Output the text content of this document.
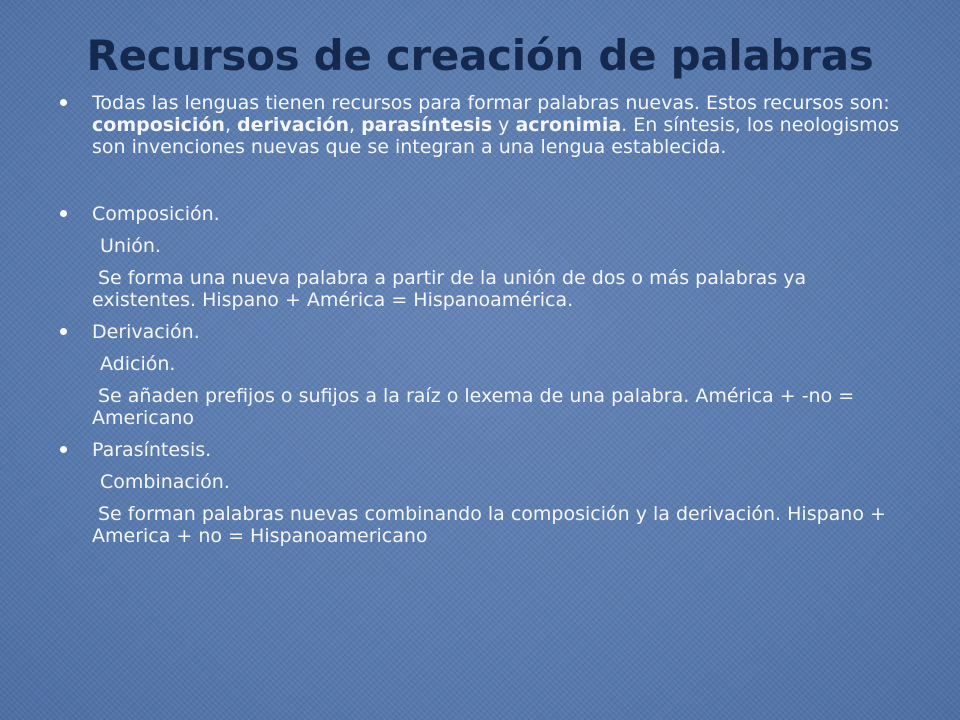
Recursos de creación de palabras
Todas las lenguas tienen recursos para formar palabras nuevas. Estos recursos son: composición, derivación, parasíntesis y acronimia. En síntesis, los neologismos son invenciones nuevas que se integran a una lengua establecida.
Composición.
Unión.
Se forma una nueva palabra a partir de la unión de dos o más palabras ya existentes. Hispano + América = Hispanoamérica.
Derivación.
Adición.
Se añaden prefijos o sufijos a la raíz o lexema de una palabra. América + -no = Americano
Parasíntesis.
Combinación.
Se forman palabras nuevas combinando la composición y la derivación. Hispano + America + no = Hispanoamericano
